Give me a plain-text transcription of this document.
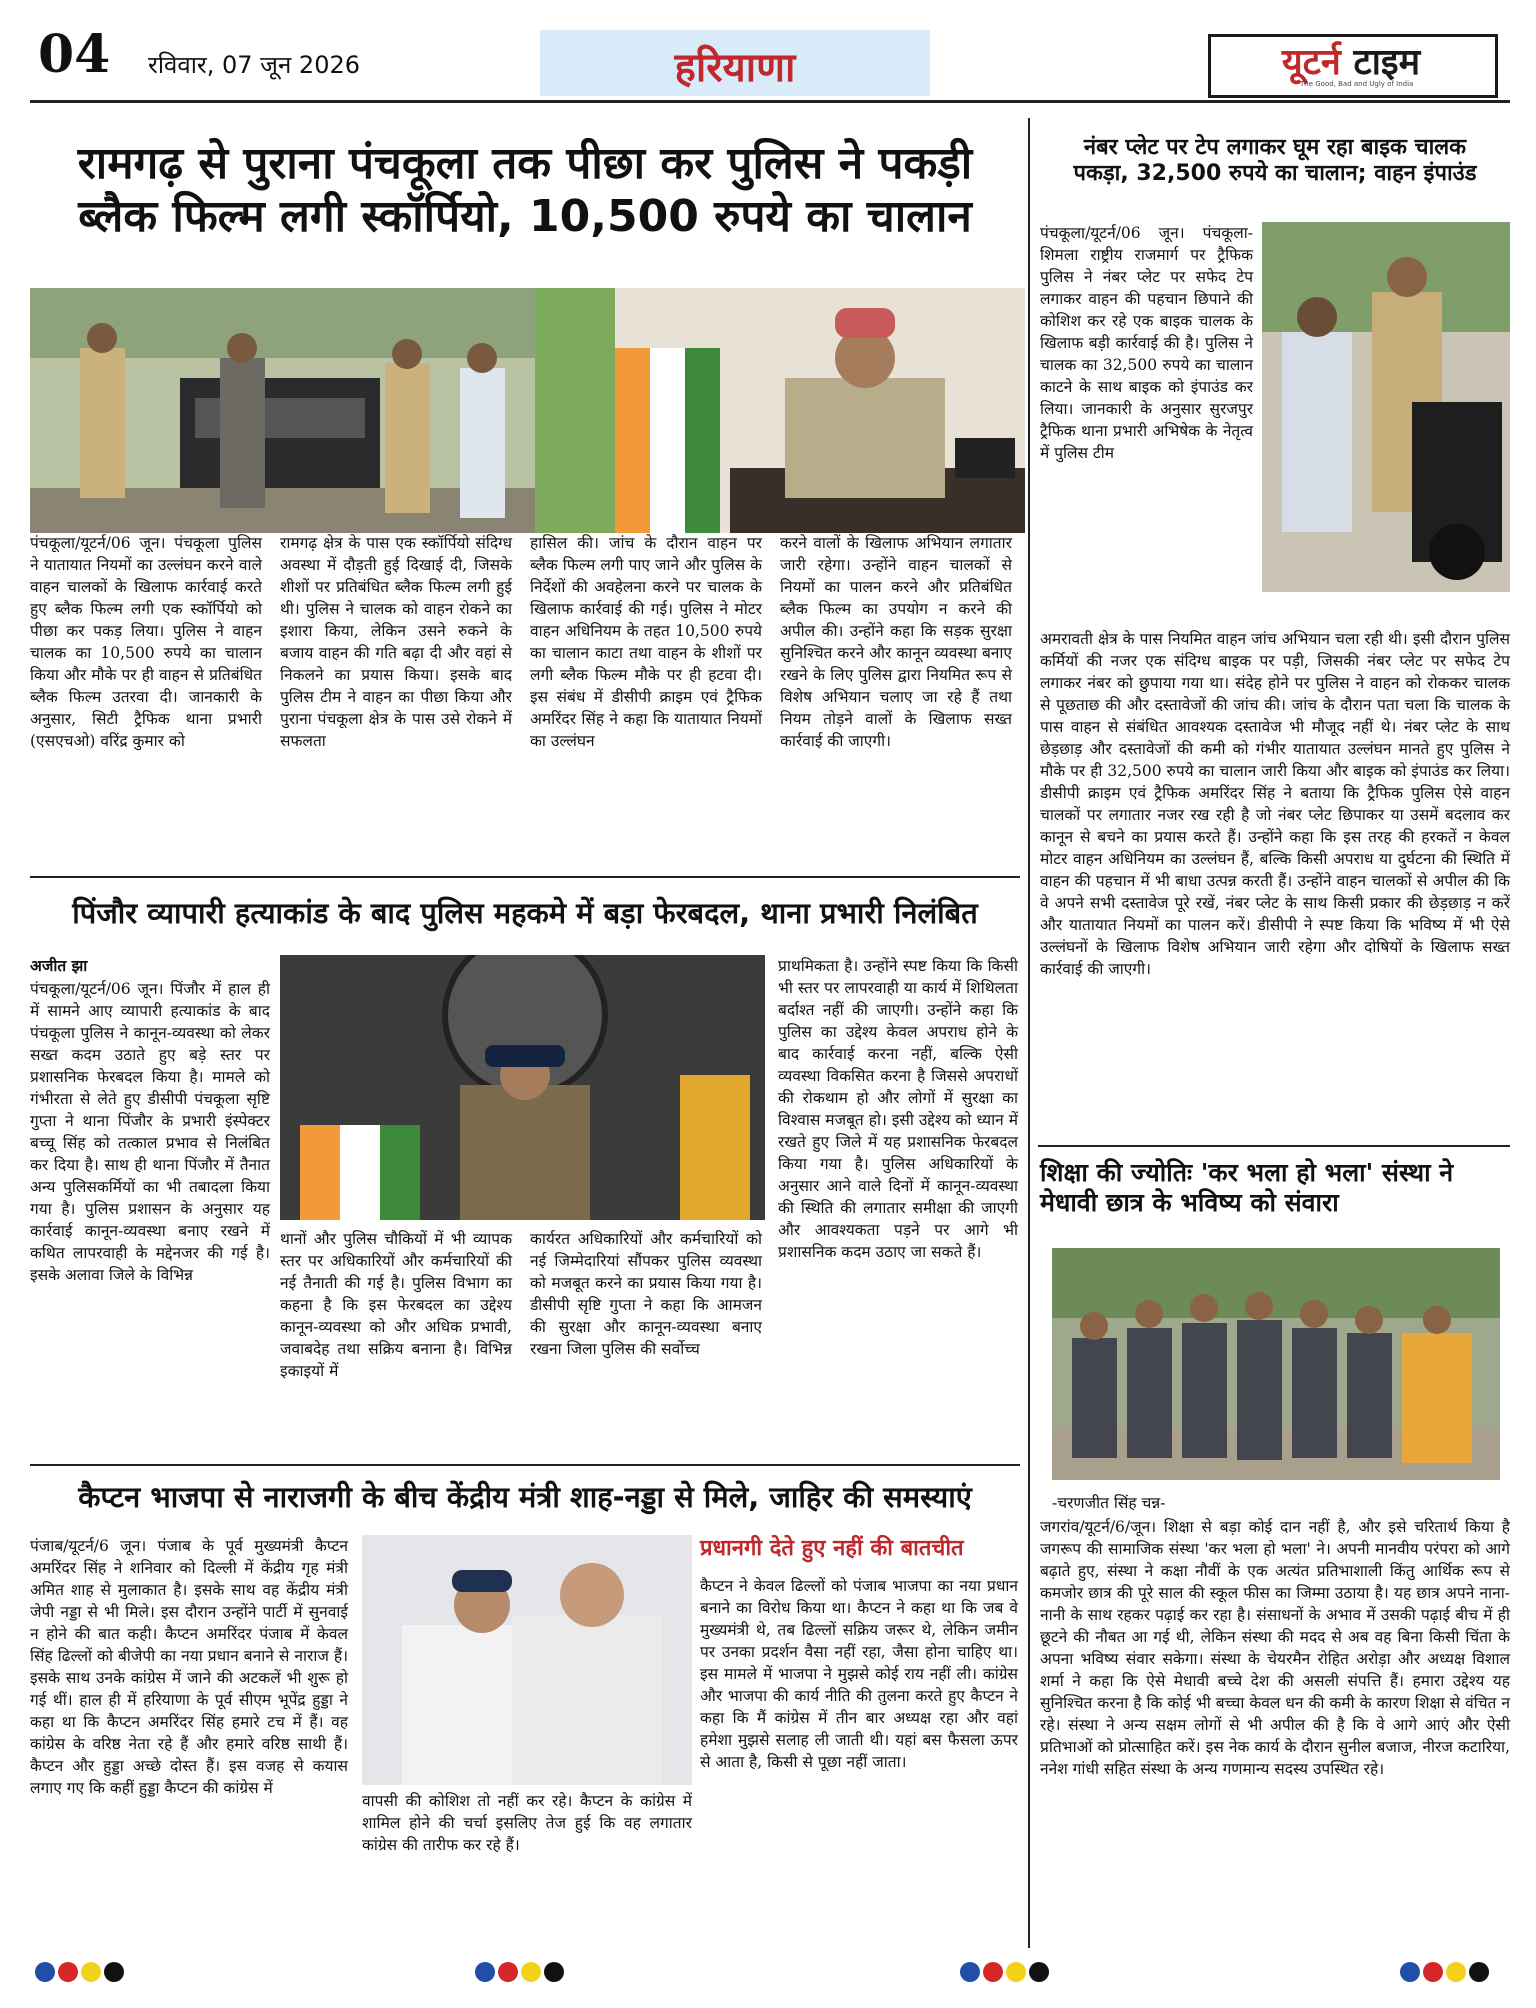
04 रविवार, 07 जून 2026	हरियाणा	यूटर्न टाइम
The Good, Bad and Ugly of India
रामगढ़ से पुराना पंचकूला तक पीछा कर पुलिस ने पकड़ी
ब्लैक फिल्म लगी स्कॉर्पियो, 10,500 रुपये का चालान
पंचकूला/यूटर्न/06 जून। पंचकूला पुलिस ने यातायात नियमों का उल्लंघन करने वाले वाहन चालकों के खिलाफ कार्रवाई करते हुए ब्लैक फिल्म लगी एक स्कॉर्पियो को पीछा कर पकड़ लिया। पुलिस ने वाहन चालक का 10,500 रुपये का चालान किया और मौके पर ही वाहन से प्रतिबंधित ब्लैक फिल्म उतरवा दी। जानकारी के अनुसार, सिटी ट्रैफिक थाना प्रभारी (एसएचओ) वरिंद्र कुमार को
रामगढ़ क्षेत्र के पास एक स्कॉर्पियो संदिग्ध अवस्था में दौड़ती हुई दिखाई दी, जिसके शीशों पर प्रतिबंधित ब्लैक फिल्म लगी हुई थी। पुलिस ने चालक को वाहन रोकने का इशारा किया, लेकिन उसने रुकने के बजाय वाहन की गति बढ़ा दी और वहां से निकलने का प्रयास किया। इसके बाद पुलिस टीम ने वाहन का पीछा किया और पुराना पंचकूला क्षेत्र के पास उसे रोकने में सफलता
हासिल की। जांच के दौरान वाहन पर ब्लैक फिल्म लगी पाए जाने और पुलिस के निर्देशों की अवहेलना करने पर चालक के खिलाफ कार्रवाई की गई। पुलिस ने मोटर वाहन अधिनियम के तहत 10,500 रुपये का चालान काटा तथा वाहन के शीशों पर लगी ब्लैक फिल्म मौके पर ही हटवा दी। इस संबंध में डीसीपी क्राइम एवं ट्रैफिक अमरिंदर सिंह ने कहा कि यातायात नियमों का उल्लंघन
करने वालों के खिलाफ अभियान लगातार जारी रहेगा। उन्होंने वाहन चालकों से नियमों का पालन करने और प्रतिबंधित ब्लैक फिल्म का उपयोग न करने की अपील की। उन्होंने कहा कि सड़क सुरक्षा सुनिश्चित करने और कानून व्यवस्था बनाए रखने के लिए पुलिस द्वारा नियमित रूप से विशेष अभियान चलाए जा रहे हैं तथा नियम तोड़ने वालों के खिलाफ सख्त कार्रवाई की जाएगी।
पिंजौर व्यापारी हत्याकांड के बाद पुलिस महकमे में बड़ा फेरबदल, थाना प्रभारी निलंबित
अजीत झा
पंचकूला/यूटर्न/06 जून। पिंजौर में हाल ही में सामने आए व्यापारी हत्याकांड के बाद पंचकूला पुलिस ने कानून-व्यवस्था को लेकर सख्त कदम उठाते हुए बड़े स्तर पर प्रशासनिक फेरबदल किया है। मामले को गंभीरता से लेते हुए डीसीपी पंचकूला सृष्टि गुप्ता ने थाना पिंजौर के प्रभारी इंस्पेक्टर बच्चू सिंह को तत्काल प्रभाव से निलंबित कर दिया है। साथ ही थाना पिंजौर में तैनात अन्य पुलिसकर्मियों का भी तबादला किया गया है। पुलिस प्रशासन के अनुसार यह कार्रवाई कानून-व्यवस्था बनाए रखने में कथित लापरवाही के मद्देनजर की गई है। इसके अलावा जिले के विभिन्न
थानों और पुलिस चौकियों में भी व्यापक स्तर पर अधिकारियों और कर्मचारियों की नई तैनाती की गई है। पुलिस विभाग का कहना है कि इस फेरबदल का उद्देश्य कानून-व्यवस्था को और अधिक प्रभावी, जवाबदेह तथा सक्रिय बनाना है। विभिन्न इकाइयों में
कार्यरत अधिकारियों और कर्मचारियों को नई जिम्मेदारियां सौंपकर पुलिस व्यवस्था को मजबूत करने का प्रयास किया गया है। डीसीपी सृष्टि गुप्ता ने कहा कि आमजन की सुरक्षा और कानून-व्यवस्था बनाए रखना जिला पुलिस की सर्वोच्च
प्राथमिकता है। उन्होंने स्पष्ट किया कि किसी भी स्तर पर लापरवाही या कार्य में शिथिलता बर्दाश्त नहीं की जाएगी। उन्होंने कहा कि पुलिस का उद्देश्य केवल अपराध होने के बाद कार्रवाई करना नहीं, बल्कि ऐसी व्यवस्था विकसित करना है जिससे अपराधों की रोकथाम हो और लोगों में सुरक्षा का विश्वास मजबूत हो। इसी उद्देश्य को ध्यान में रखते हुए जिले में यह प्रशासनिक फेरबदल किया गया है। पुलिस अधिकारियों के अनुसार आने वाले दिनों में कानून-व्यवस्था की स्थिति की लगातार समीक्षा की जाएगी और आवश्यकता पड़ने पर आगे भी प्रशासनिक कदम उठाए जा सकते हैं।
कैप्टन भाजपा से नाराजगी के बीच केंद्रीय मंत्री शाह-नड्डा से मिले, जाहिर की समस्याएं
पंजाब/यूटर्न/6 जून। पंजाब के पूर्व मुख्यमंत्री कैप्टन अमरिंदर सिंह ने शनिवार को दिल्ली में केंद्रीय गृह मंत्री अमित शाह से मुलाकात है। इसके साथ वह केंद्रीय मंत्री जेपी नड्डा से भी मिले। इस दौरान उन्होंने पार्टी में सुनवाई न होने की बात कही। कैप्टन अमरिंदर पंजाब में केवल सिंह ढिल्लों को बीजेपी का नया प्रधान बनाने से नाराज हैं। इसके साथ उनके कांग्रेस में जाने की अटकलें भी शुरू हो गई थीं। हाल ही में हरियाणा के पूर्व सीएम भूपेंद्र हुड्डा ने कहा था कि कैप्टन अमरिंदर सिंह हमारे टच में हैं। वह कांग्रेस के वरिष्ठ नेता रहे हैं और हमारे वरिष्ठ साथी हैं। कैप्टन और हुड्डा अच्छे दोस्त हैं। इस वजह से कयास लगाए गए कि कहीं हुड्डा कैप्टन की कांग्रेस में
वापसी की कोशिश तो नहीं कर रहे। कैप्टन के कांग्रेस में शामिल होने की चर्चा इसलिए तेज हुई कि वह लगातार कांग्रेस की तारीफ कर रहे हैं।
प्रधानगी देते हुए नहीं की बातचीत
कैप्टन ने केवल ढिल्लों को पंजाब भाजपा का नया प्रधान बनाने का विरोध किया था। कैप्टन ने कहा था कि जब वे मुख्यमंत्री थे, तब ढिल्लों सक्रिय जरूर थे, लेकिन जमीन पर उनका प्रदर्शन वैसा नहीं रहा, जैसा होना चाहिए था। इस मामले में भाजपा ने मुझसे कोई राय नहीं ली। कांग्रेस और भाजपा की कार्य नीति की तुलना करते हुए कैप्टन ने कहा कि मैं कांग्रेस में तीन बार अध्यक्ष रहा और वहां हमेशा मुझसे सलाह ली जाती थी। यहां बस फैसला ऊपर से आता है, किसी से पूछा नहीं जाता।
नंबर प्लेट पर टेप लगाकर घूम रहा बाइक चालक
पकड़ा, 32,500 रुपये का चालान; वाहन इंपाउंड
पंचकूला/यूटर्न/06 जून। पंचकूला-शिमला राष्ट्रीय राजमार्ग पर ट्रैफिक पुलिस ने नंबर प्लेट पर सफेद टेप लगाकर वाहन की पहचान छिपाने की कोशिश कर रहे एक बाइक चालक के खिलाफ बड़ी कार्रवाई की है। पुलिस ने चालक का 32,500 रुपये का चालान काटने के साथ बाइक को इंपाउंड कर लिया। जानकारी के अनुसार सुरजपुर ट्रैफिक थाना प्रभारी अभिषेक के नेतृत्व में पुलिस टीम
अमरावती क्षेत्र के पास नियमित वाहन जांच अभियान चला रही थी। इसी दौरान पुलिस कर्मियों की नजर एक संदिग्ध बाइक पर पड़ी, जिसकी नंबर प्लेट पर सफेद टेप लगाकर नंबर को छुपाया गया था। संदेह होने पर पुलिस ने वाहन को रोककर चालक से पूछताछ की और दस्तावेजों की जांच की। जांच के दौरान पता चला कि चालक के पास वाहन से संबंधित आवश्यक दस्तावेज भी मौजूद नहीं थे। नंबर प्लेट के साथ छेड़छाड़ और दस्तावेजों की कमी को गंभीर यातायात उल्लंघन मानते हुए पुलिस ने मौके पर ही 32,500 रुपये का चालान जारी किया और बाइक को इंपाउंड कर लिया। डीसीपी क्राइम एवं ट्रैफिक अमरिंदर सिंह ने बताया कि ट्रैफिक पुलिस ऐसे वाहन चालकों पर लगातार नजर रख रही है जो नंबर प्लेट छिपाकर या उसमें बदलाव कर कानून से बचने का प्रयास करते हैं। उन्होंने कहा कि इस तरह की हरकतें न केवल मोटर वाहन अधिनियम का उल्लंघन हैं, बल्कि किसी अपराध या दुर्घटना की स्थिति में वाहन की पहचान में भी बाधा उत्पन्न करती हैं। उन्होंने वाहन चालकों से अपील की कि वे अपने सभी दस्तावेज पूरे रखें, नंबर प्लेट के साथ किसी प्रकार की छेड़छाड़ न करें और यातायात नियमों का पालन करें। डीसीपी ने स्पष्ट किया कि भविष्य में भी ऐसे उल्लंघनों के खिलाफ विशेष अभियान जारी रहेगा और दोषियों के खिलाफ सख्त कार्रवाई की जाएगी।
शिक्षा की ज्योतिः 'कर भला हो भला' संस्था ने
मेधावी छात्र के भविष्य को संवारा
-चरणजीत सिंह चन्न-
जगरांव/यूटर्न/6/जून। शिक्षा से बड़ा कोई दान नहीं है, और इसे चरितार्थ किया है जगरूप की सामाजिक संस्था 'कर भला हो भला' ने। अपनी मानवीय परंपरा को आगे बढ़ाते हुए, संस्था ने कक्षा नौवीं के एक अत्यंत प्रतिभाशाली किंतु आर्थिक रूप से कमजोर छात्र की पूरे साल की स्कूल फीस का जिम्मा उठाया है। यह छात्र अपने नाना-नानी के साथ रहकर पढ़ाई कर रहा है। संसाधनों के अभाव में उसकी पढ़ाई बीच में ही छूटने की नौबत आ गई थी, लेकिन संस्था की मदद से अब वह बिना किसी चिंता के अपना भविष्य संवार सकेगा। संस्था के चेयरमैन रोहित अरोड़ा और अध्यक्ष विशाल शर्मा ने कहा कि ऐसे मेधावी बच्चे देश की असली संपत्ति हैं। हमारा उद्देश्य यह सुनिश्चित करना है कि कोई भी बच्चा केवल धन की कमी के कारण शिक्षा से वंचित न रहे। संस्था ने अन्य सक्षम लोगों से भी अपील की है कि वे आगे आएं और ऐसी प्रतिभाओं को प्रोत्साहित करें। इस नेक कार्य के दौरान सुनील बजाज, नीरज कटारिया, ननेश गांधी सहित संस्था के अन्य गणमान्य सदस्य उपस्थित रहे।
